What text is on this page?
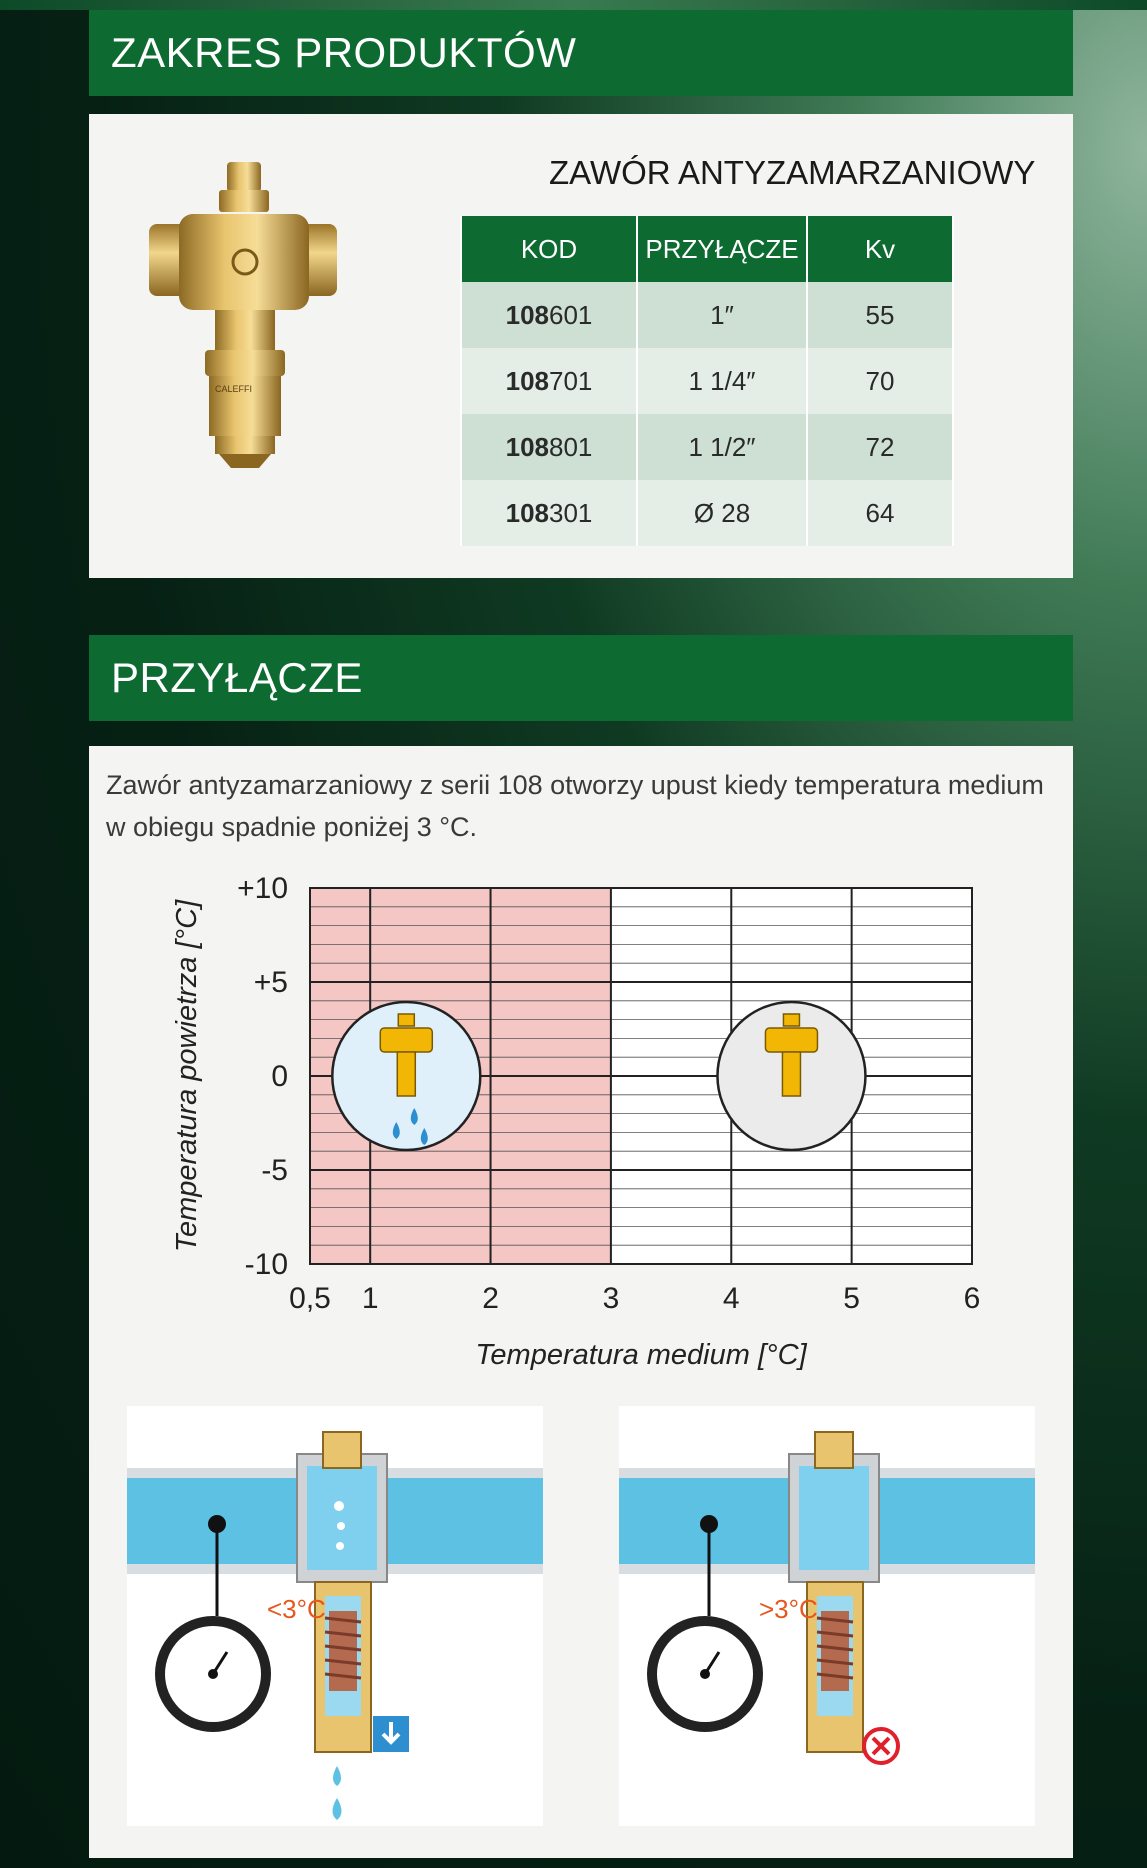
ZAKRES PRODUKTÓW
CALEFFI
ZAWÓR ANTYZAMARZANIOWY
KOD	PRZYŁĄCZE	Kv
108601	1″	55
108701	1 1/4″	70
108801	1 1/2″	72
108301	Ø 28	64
PRZYŁĄCZE
Zawór antyzamarzaniowy z serii 108 otworzy upust kiedy temperatura medium
w obiegu spadnie poniżej 3 °C.
0,5 1	2	3	4	5	6
+10
+5
0
-5
-10
Temperatura medium [°C]
Temperatura powietrza [°C]
<3°C	>3°C
